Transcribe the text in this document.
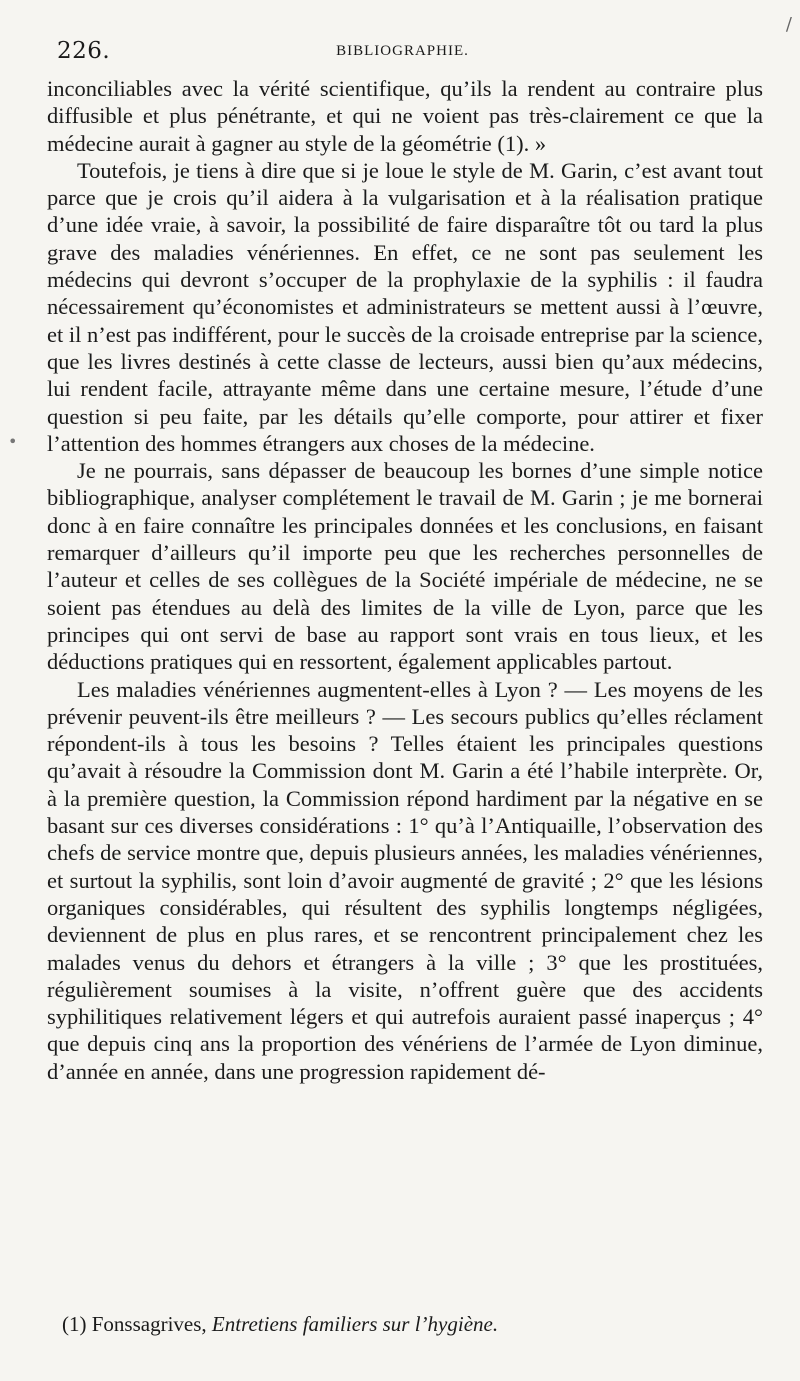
/
•
226.	BIBLIOGRAPHIE.

inconciliables avec la vérité scientifique, qu’ils la rendent au contraire plus diffusible et plus pénétrante, et qui ne voient pas très-clairement ce que la médecine aurait à gagner au style de la géométrie (1). »

Toutefois, je tiens à dire que si je loue le style de M. Garin, c’est avant tout parce que je crois qu’il aidera à la vulgarisation et à la réalisation pratique d’une idée vraie, à savoir, la possibilité de faire disparaître tôt ou tard la plus grave des maladies vénériennes. En effet, ce ne sont pas seulement les médecins qui devront s’occuper de la prophylaxie de la syphilis : il faudra nécessairement qu’économistes et administrateurs se mettent aussi à l’œuvre, et il n’est pas indifférent, pour le succès de la croisade entreprise par la science, que les livres destinés à cette classe de lecteurs, aussi bien qu’aux médecins, lui rendent facile, attrayante même dans une certaine mesure, l’étude d’une question si peu faite, par les détails qu’elle comporte, pour attirer et fixer l’attention des hommes étrangers aux choses de la médecine.

Je ne pourrais, sans dépasser de beaucoup les bornes d’une simple notice bibliographique, analyser complétement le travail de M. Garin ; je me bornerai donc à en faire connaître les principales données et les conclusions, en faisant remarquer d’ailleurs qu’il importe peu que les recherches personnelles de l’auteur et celles de ses collègues de la Société impériale de médecine, ne se soient pas étendues au delà des limites de la ville de Lyon, parce que les principes qui ont servi de base au rapport sont vrais en tous lieux, et les déductions pratiques qui en ressortent, également applicables partout.

Les maladies vénériennes augmentent-elles à Lyon ? — Les moyens de les prévenir peuvent-ils être meilleurs ? — Les secours publics qu’elles réclament répondent-ils à tous les besoins ? Telles étaient les principales questions qu’avait à résoudre la Commission dont M. Garin a été l’habile interprète. Or, à la première question, la Commission répond hardiment par la négative en se basant sur ces diverses considérations : 1° qu’à l’Antiquaille, l’observation des chefs de service montre que, depuis plusieurs années, les maladies vénériennes, et surtout la syphilis, sont loin d’avoir augmenté de gravité ; 2° que les lésions organiques considérables, qui résultent des syphilis longtemps négligées, deviennent de plus en plus rares, et se rencontrent principalement chez les malades venus du dehors et étrangers à la ville ; 3° que les prostituées, régulièrement soumises à la visite, n’offrent guère que des accidents syphilitiques relativement légers et qui autrefois auraient passé inaperçus ; 4° que depuis cinq ans la proportion des vénériens de l’armée de Lyon diminue, d’année en année, dans une progression rapidement dé-

(1) Fonssagrives, Entretiens familiers sur l’hygiène.
